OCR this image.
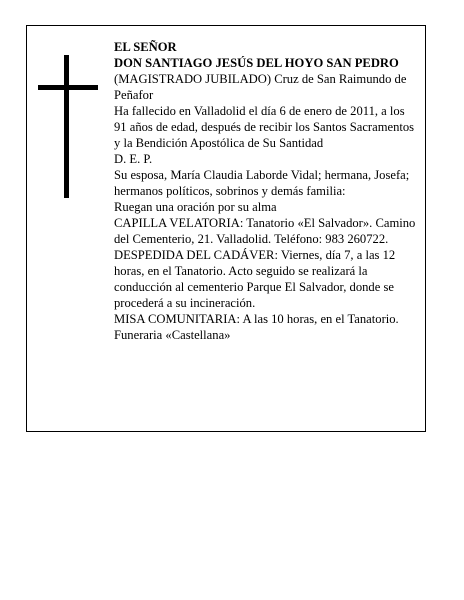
EL SEÑOR

DON SANTIAGO JESÚS DEL HOYO SAN PEDRO

(MAGISTRADO JUBILADO) Cruz de San Raimundo de Peñafor

Ha fallecido en Valladolid el día 6 de enero de 2011, a los 91 años de edad, después de recibir los Santos Sacramentos y la Bendición Apostólica de Su Santidad

D. E. P.

Su esposa, María Claudia Laborde Vidal; hermana, Josefa; hermanos políticos, sobrinos y demás familia:

Ruegan una oración por su alma

CAPILLA VELATORIA: Tanatorio «El Salvador». Camino del Cementerio, 21. Valladolid. Teléfono: 983 260722.

DESPEDIDA DEL CADÁVER: Viernes, día 7, a las 12 horas, en el Tanatorio. Acto seguido se realizará la conducción al cementerio Parque El Salvador, donde se procederá a su incineración.

MISA COMUNITARIA: A las 10 horas, en el Tanatorio.

Funeraria «Castellana»
